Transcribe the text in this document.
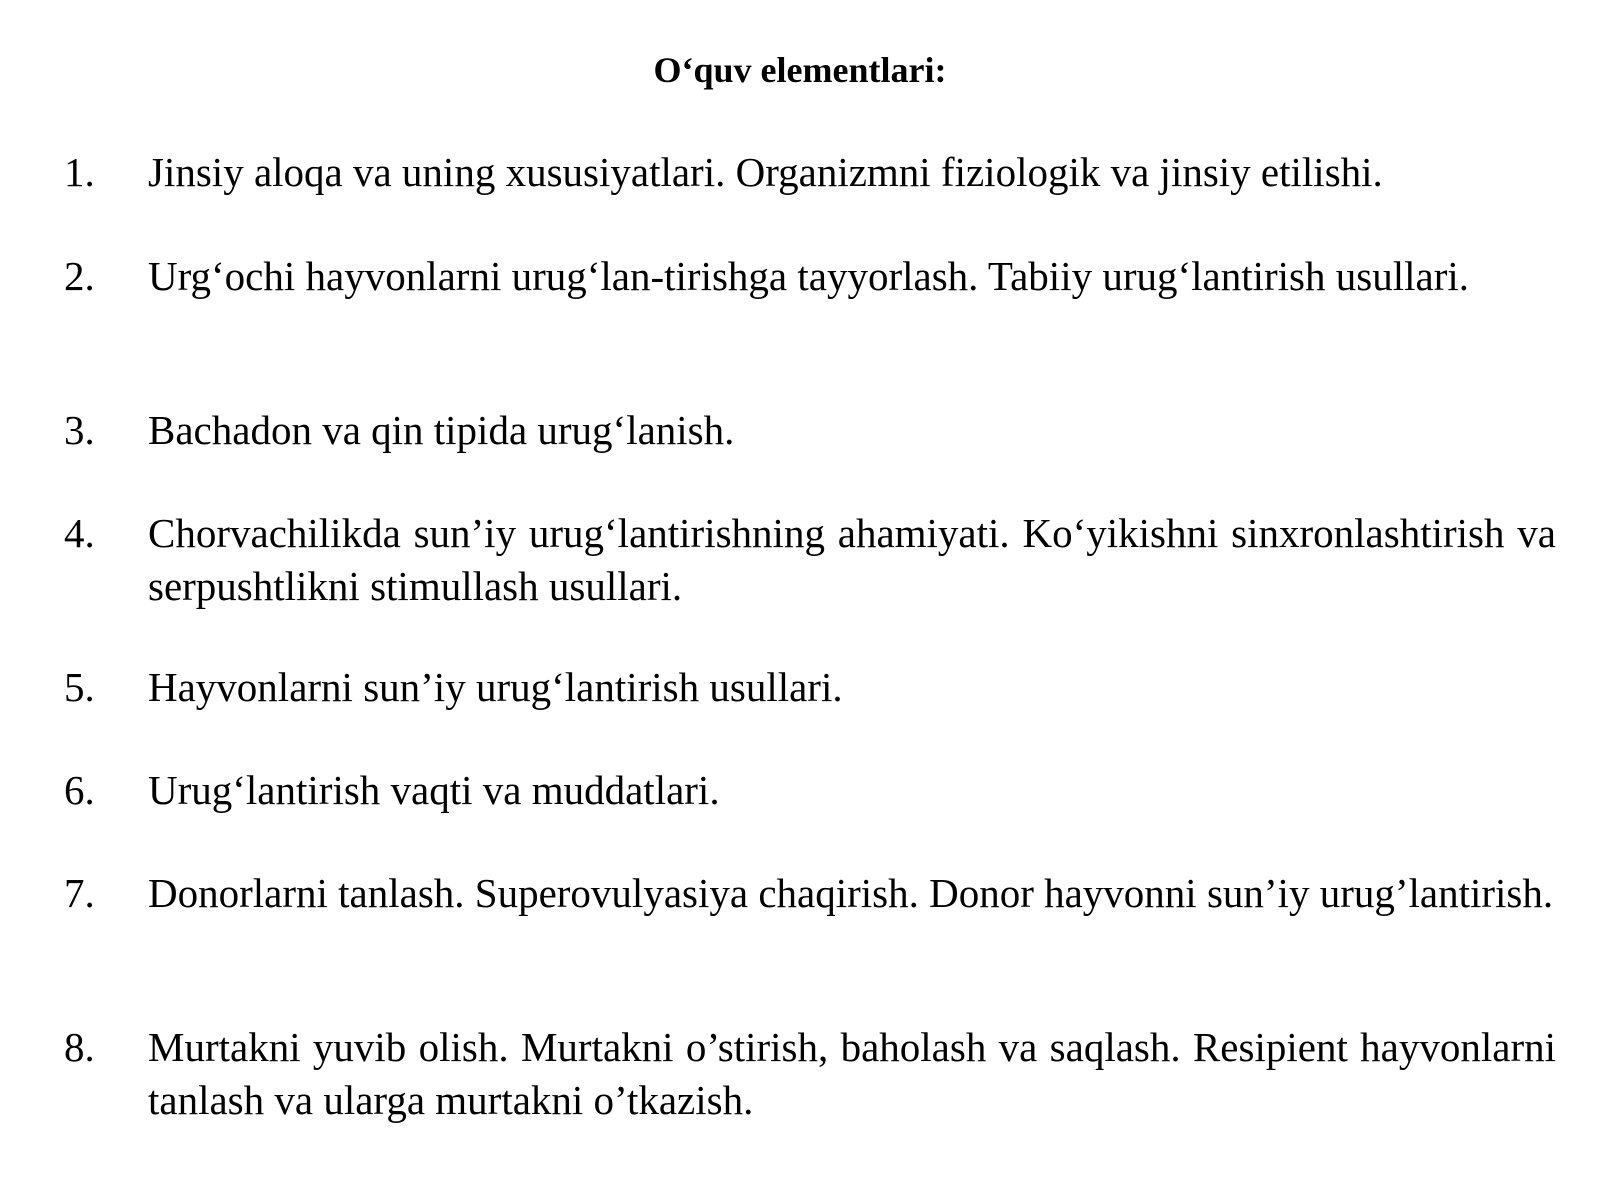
O‘quv elementlari:
1.	Jinsiy aloqa va uning xususiyatlari. Organizmni fiziologik va jinsiy etilishi.
2.	Urg‘ochi hayvonlarni urug‘lan-tirishga tayyorlash. Tabiiy urug‘lantirish usullari.
3.	Bachadon va qin tipida urug‘lanish.
4.	Chorvachilikda sun’iy urug‘lantirishning ahamiyati. Ko‘yikishni sinxronlashtirish va serpushtlikni stimullash usullari.
5.	Hayvonlarni sun’iy urug‘lantirish usullari.
6.	Urug‘lantirish vaqti va muddatlari.
7.	Donorlarni tanlash. Superovulyasiya chaqirish. Donor hayvonni sun’iy urug’lantirish.
8.	Murtakni yuvib olish. Murtakni o’stirish, baholash va saqlash. Resipient hayvonlarni tanlash va ularga murtakni o’tkazish.
